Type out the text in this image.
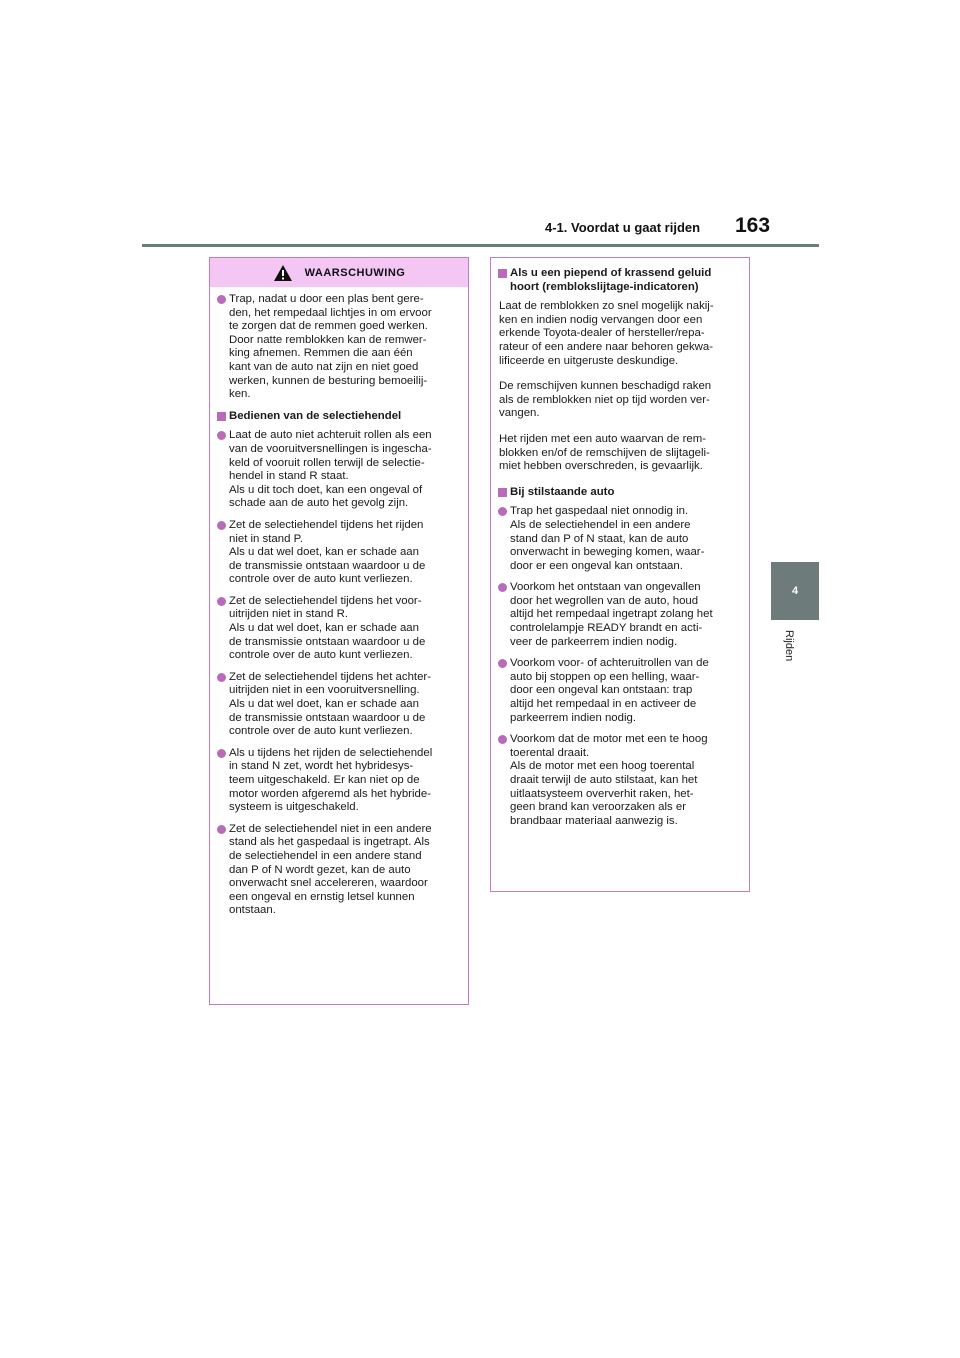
4-1. Voordat u gaat rijden 163
4
Rijden
WAARSCHUWING
Trap, nadat u door een plas bent gere-
den, het rempedaal lichtjes in om ervoor
te zorgen dat de remmen goed werken.
Door natte remblokken kan de remwer-
king afnemen. Remmen die aan één
kant van de auto nat zijn en niet goed
werken, kunnen de besturing bemoeilij-
ken.
Bedienen van de selectiehendel
Laat de auto niet achteruit rollen als een
van de vooruitversnellingen is ingescha-
keld of vooruit rollen terwijl de selectie-
hendel in stand R staat.
Als u dit toch doet, kan een ongeval of
schade aan de auto het gevolg zijn.
Zet de selectiehendel tijdens het rijden
niet in stand P.
Als u dat wel doet, kan er schade aan
de transmissie ontstaan waardoor u de
controle over de auto kunt verliezen.
Zet de selectiehendel tijdens het voor-
uitrijden niet in stand R.
Als u dat wel doet, kan er schade aan
de transmissie ontstaan waardoor u de
controle over de auto kunt verliezen.
Zet de selectiehendel tijdens het achter-
uitrijden niet in een vooruitversnelling.
Als u dat wel doet, kan er schade aan
de transmissie ontstaan waardoor u de
controle over de auto kunt verliezen.
Als u tijdens het rijden de selectiehendel
in stand N zet, wordt het hybridesys-
teem uitgeschakeld. Er kan niet op de
motor worden afgeremd als het hybride-
systeem is uitgeschakeld.
Zet de selectiehendel niet in een andere
stand als het gaspedaal is ingetrapt. Als
de selectiehendel in een andere stand
dan P of N wordt gezet, kan de auto
onverwacht snel accelereren, waardoor
een ongeval en ernstig letsel kunnen
ontstaan.
Als u een piepend of krassend geluid
hoort (remblokslijtage-indicatoren)
Laat de remblokken zo snel mogelijk nakij-
ken en indien nodig vervangen door een
erkende Toyota-dealer of hersteller/repa-
rateur of een andere naar behoren gekwa-
lificeerde en uitgeruste deskundige.
De remschijven kunnen beschadigd raken
als de remblokken niet op tijd worden ver-
vangen.
Het rijden met een auto waarvan de rem-
blokken en/of de remschijven de slijtageli-
miet hebben overschreden, is gevaarlijk.
Bij stilstaande auto
Trap het gaspedaal niet onnodig in.
Als de selectiehendel in een andere
stand dan P of N staat, kan de auto
onverwacht in beweging komen, waar-
door er een ongeval kan ontstaan.
Voorkom het ontstaan van ongevallen
door het wegrollen van de auto, houd
altijd het rempedaal ingetrapt zolang het
controlelampje READY brandt en acti-
veer de parkeerrem indien nodig.
Voorkom voor- of achteruitrollen van de
auto bij stoppen op een helling, waar-
door een ongeval kan ontstaan: trap
altijd het rempedaal in en activeer de
parkeerrem indien nodig.
Voorkom dat de motor met een te hoog
toerental draait.
Als de motor met een hoog toerental
draait terwijl de auto stilstaat, kan het
uitlaatsysteem oververhit raken, het-
geen brand kan veroorzaken als er
brandbaar materiaal aanwezig is.
